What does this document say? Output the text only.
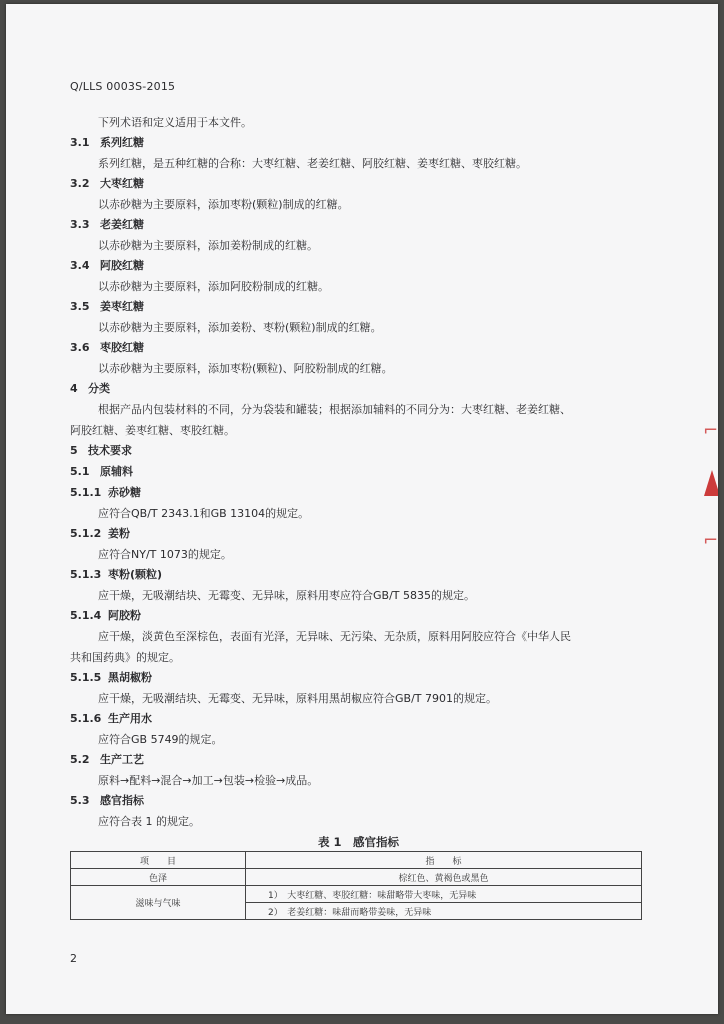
Q/LLS 0003S-2015
下列术语和定义适用于本文件。
3.1 系列红糖
系列红糖，是五种红糖的合称：大枣红糖、老姜红糖、阿胶红糖、姜枣红糖、枣胶红糖。
3.2 大枣红糖
以赤砂糖为主要原料，添加枣粉(颗粒)制成的红糖。
3.3 老姜红糖
以赤砂糖为主要原料，添加姜粉制成的红糖。
3.4 阿胶红糖
以赤砂糖为主要原料，添加阿胶粉制成的红糖。
3.5 姜枣红糖
以赤砂糖为主要原料，添加姜粉、枣粉(颗粒)制成的红糖。
3.6 枣胶红糖
以赤砂糖为主要原料，添加枣粉(颗粒)、阿胶粉制成的红糖。
4 分类
根据产品内包装材料的不同，分为袋装和罐装；根据添加辅料的不同分为：大枣红糖、老姜红糖、
阿胶红糖、姜枣红糖、枣胶红糖。
5 技术要求
5.1 原辅料
5.1.1 赤砂糖
应符合QB/T 2343.1和GB 13104的规定。
5.1.2 姜粉
应符合NY/T 1073的规定。
5.1.3 枣粉(颗粒)
应干燥，无吸潮结块、无霉变、无异味，原料用枣应符合GB/T 5835的规定。
5.1.4 阿胶粉
应干燥，淡黄色至深棕色，表面有光泽，无异味、无污染、无杂质，原料用阿胶应符合《中华人民
共和国药典》的规定。
5.1.5 黑胡椒粉
应干燥，无吸潮结块、无霉变、无异味，原料用黑胡椒应符合GB/T 7901的规定。
5.1.6 生产用水
应符合GB 5749的规定。
5.2 生产工艺
原料→配料→混合→加工→包装→检验→成品。
5.3 感官指标
应符合表 1 的规定。
表 1　感官指标
项　　目	指　　标
色泽	棕红色、黄褐色或黑色
滋味与气味	1）　大枣红糖、枣胶红糖：味甜略带大枣味，无异味
	2）　老姜红糖：味甜而略带姜味，无异味
2
⌐
⌐
